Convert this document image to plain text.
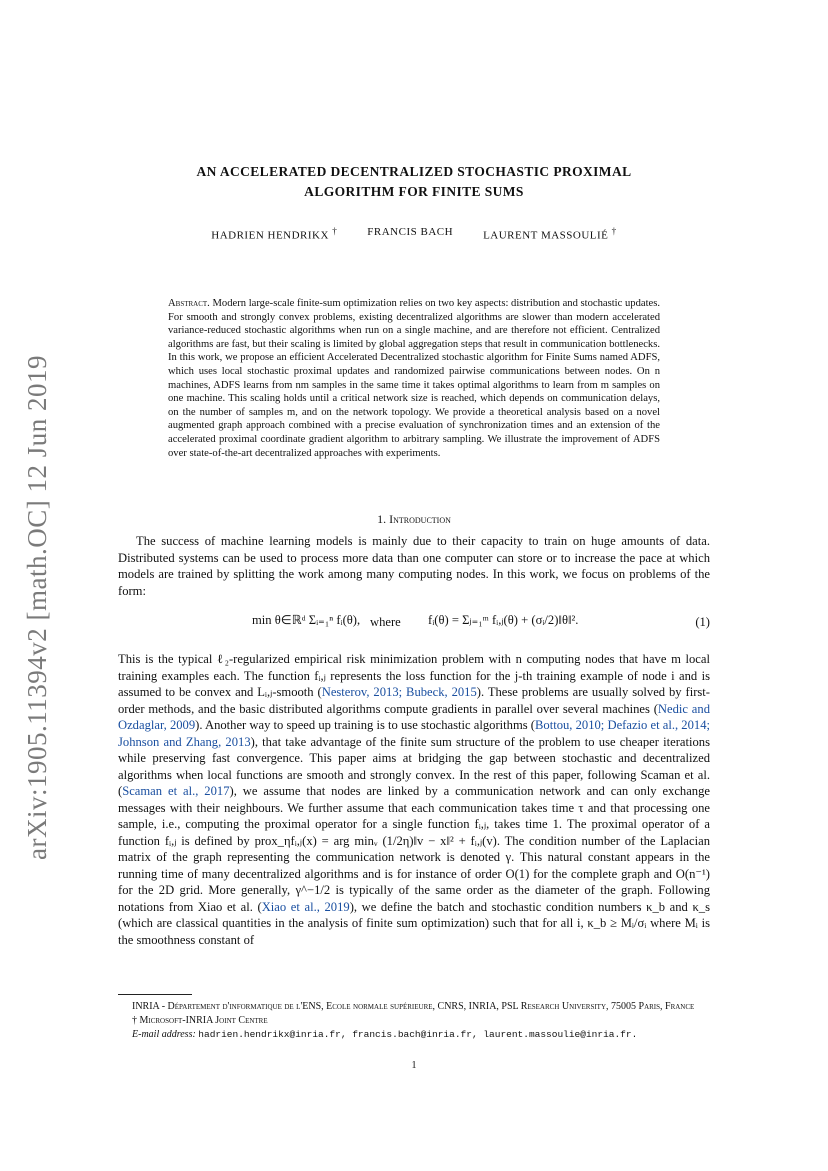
arXiv:1905.11394v2 [math.OC] 12 Jun 2019
AN ACCELERATED DECENTRALIZED STOCHASTIC PROXIMAL
ALGORITHM FOR FINITE SUMS
HADRIEN HENDRIKX †	FRANCIS BACH	LAURENT MASSOULIÉ †
Abstract. Modern large-scale finite-sum optimization relies on two key aspects: distribution and stochastic updates. For smooth and strongly convex problems, existing decentralized algorithms are slower than modern accelerated variance-reduced stochastic algorithms when run on a single machine, and are therefore not efficient. Centralized algorithms are fast, but their scaling is limited by global aggregation steps that result in communication bottlenecks. In this work, we propose an efficient Accelerated Decentralized stochastic algorithm for Finite Sums named ADFS, which uses local stochastic proximal updates and randomized pairwise communications between nodes. On n machines, ADFS learns from nm samples in the same time it takes optimal algorithms to learn from m samples on one machine. This scaling holds until a critical network size is reached, which depends on communication delays, on the number of samples m, and on the network topology. We provide a theoretical analysis based on a novel augmented graph approach combined with a precise evaluation of synchronization times and an extension of the accelerated proximal coordinate gradient algorithm to arbitrary sampling. We illustrate the improvement of ADFS over state-of-the-art decentralized approaches with experiments.
1. Introduction
The success of machine learning models is mainly due to their capacity to train on huge amounts of data. Distributed systems can be used to process more data than one computer can store or to increase the pace at which models are trained by splitting the work among many computing nodes. In this work, we focus on problems of the form:
min θ∈ℝᵈ Σᵢ₌₁ⁿ fᵢ(θ), where fᵢ(θ) = Σⱼ₌₁ᵐ fᵢ,ⱼ(θ) + (σᵢ/2)‖θ‖².	(1)
This is the typical ℓ₂-regularized empirical risk minimization problem with n computing nodes that have m local training examples each. The function fᵢ,ⱼ represents the loss function for the j-th training example of node i and is assumed to be convex and Lᵢ,ⱼ-smooth (Nesterov, 2013; Bubeck, 2015). These problems are usually solved by first-order methods, and the basic distributed algorithms compute gradients in parallel over several machines (Nedic and Ozdaglar, 2009). Another way to speed up training is to use stochastic algorithms (Bottou, 2010; Defazio et al., 2014; Johnson and Zhang, 2013), that take advantage of the finite sum structure of the problem to use cheaper iterations while preserving fast convergence. This paper aims at bridging the gap between stochastic and decentralized algorithms when local functions are smooth and strongly convex. In the rest of this paper, following Scaman et al. (Scaman et al., 2017), we assume that nodes are linked by a communication network and can only exchange messages with their neighbours. We further assume that each communication takes time τ and that processing one sample, i.e., computing the proximal operator for a single function fᵢ,ⱼ, takes time 1. The proximal operator of a function fᵢ,ⱼ is defined by prox_ηfᵢ,ⱼ(x) = arg minᵥ (1/2η)‖v − x‖² + fᵢ,ⱼ(v). The condition number of the Laplacian matrix of the graph representing the communication network is denoted γ. This natural constant appears in the running time of many decentralized algorithms and is for instance of order O(1) for the complete graph and O(n⁻¹) for the 2D grid. More generally, γ^−1/2 is typically of the same order as the diameter of the graph. Following notations from Xiao et al. (Xiao et al., 2019), we define the batch and stochastic condition numbers κ_b and κ_s (which are classical quantities in the analysis of finite sum optimization) such that for all i, κ_b ≥ Mᵢ/σᵢ where Mᵢ is the smoothness constant of
INRIA - Département d'informatique de l'ENS, Ecole normale supérieure, CNRS, INRIA, PSL Research University, 75005 Paris, France
† Microsoft-INRIA Joint Centre
E-mail address: hadrien.hendrikx@inria.fr, francis.bach@inria.fr, laurent.massoulie@inria.fr.
1
